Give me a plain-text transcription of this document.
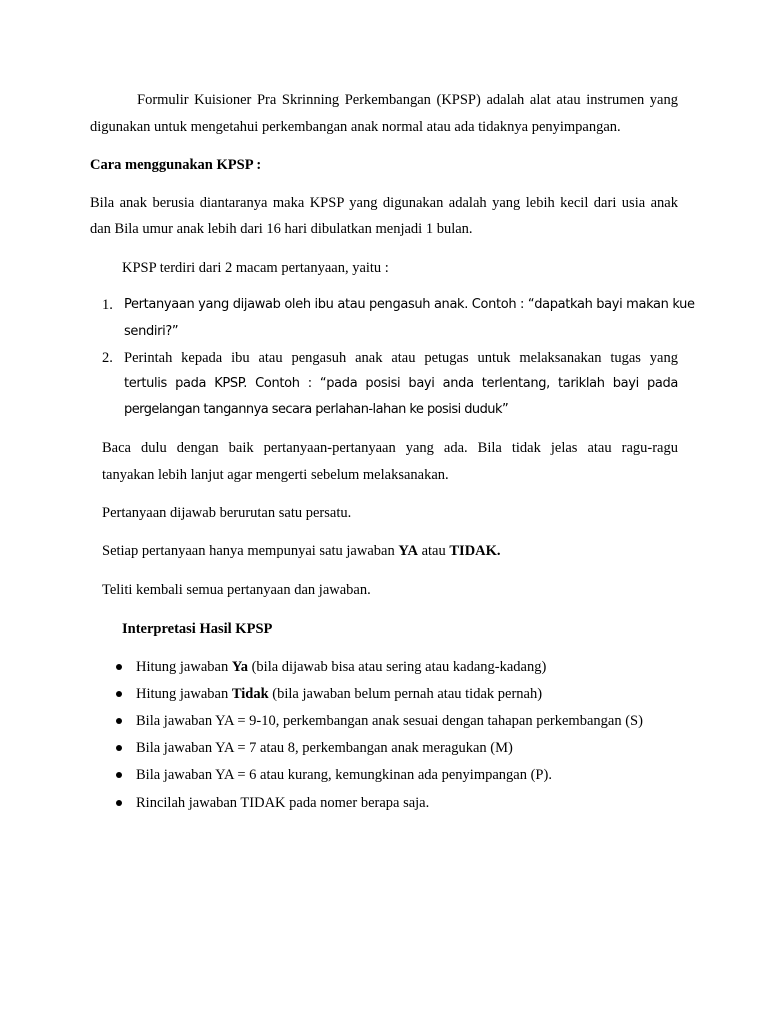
Formulir Kuisioner Pra Skrinning Perkembangan (KPSP) adalah alat atau instrumen yang
digunakan untuk mengetahui perkembangan anak normal atau ada tidaknya penyimpangan.
Cara menggunakan KPSP :
Bila anak berusia diantaranya maka KPSP yang digunakan adalah yang lebih kecil dari usia anak
dan Bila umur anak lebih dari 16 hari dibulatkan menjadi 1 bulan.
KPSP terdiri dari 2 macam pertanyaan, yaitu :
1. Pertanyaan yang dijawab oleh ibu atau pengasuh anak. Contoh : “dapatkah bayi makan kue
sendiri?”
2. Perintah kepada ibu atau pengasuh anak atau petugas untuk melaksanakan tugas yang
tertulis pada KPSP. Contoh : “pada posisi bayi anda terlentang, tariklah bayi pada
pergelangan tangannya secara perlahan-lahan ke posisi duduk”
Baca dulu dengan baik pertanyaan-pertanyaan yang ada. Bila tidak jelas atau ragu-ragu
tanyakan lebih lanjut agar mengerti sebelum melaksanakan.
Pertanyaan dijawab berurutan satu persatu.
Setiap pertanyaan hanya mempunyai satu jawaban YA atau TIDAK.
Teliti kembali semua pertanyaan dan jawaban.
Interpretasi Hasil KPSP
Hitung jawaban Ya (bila dijawab bisa atau sering atau kadang-kadang)
Hitung jawaban Tidak (bila jawaban belum pernah atau tidak pernah)
Bila jawaban YA = 9-10, perkembangan anak sesuai dengan tahapan perkembangan (S)
Bila jawaban YA = 7 atau 8, perkembangan anak meragukan (M)
Bila jawaban YA = 6 atau kurang, kemungkinan ada penyimpangan (P).
Rincilah jawaban TIDAK pada nomer berapa saja.
